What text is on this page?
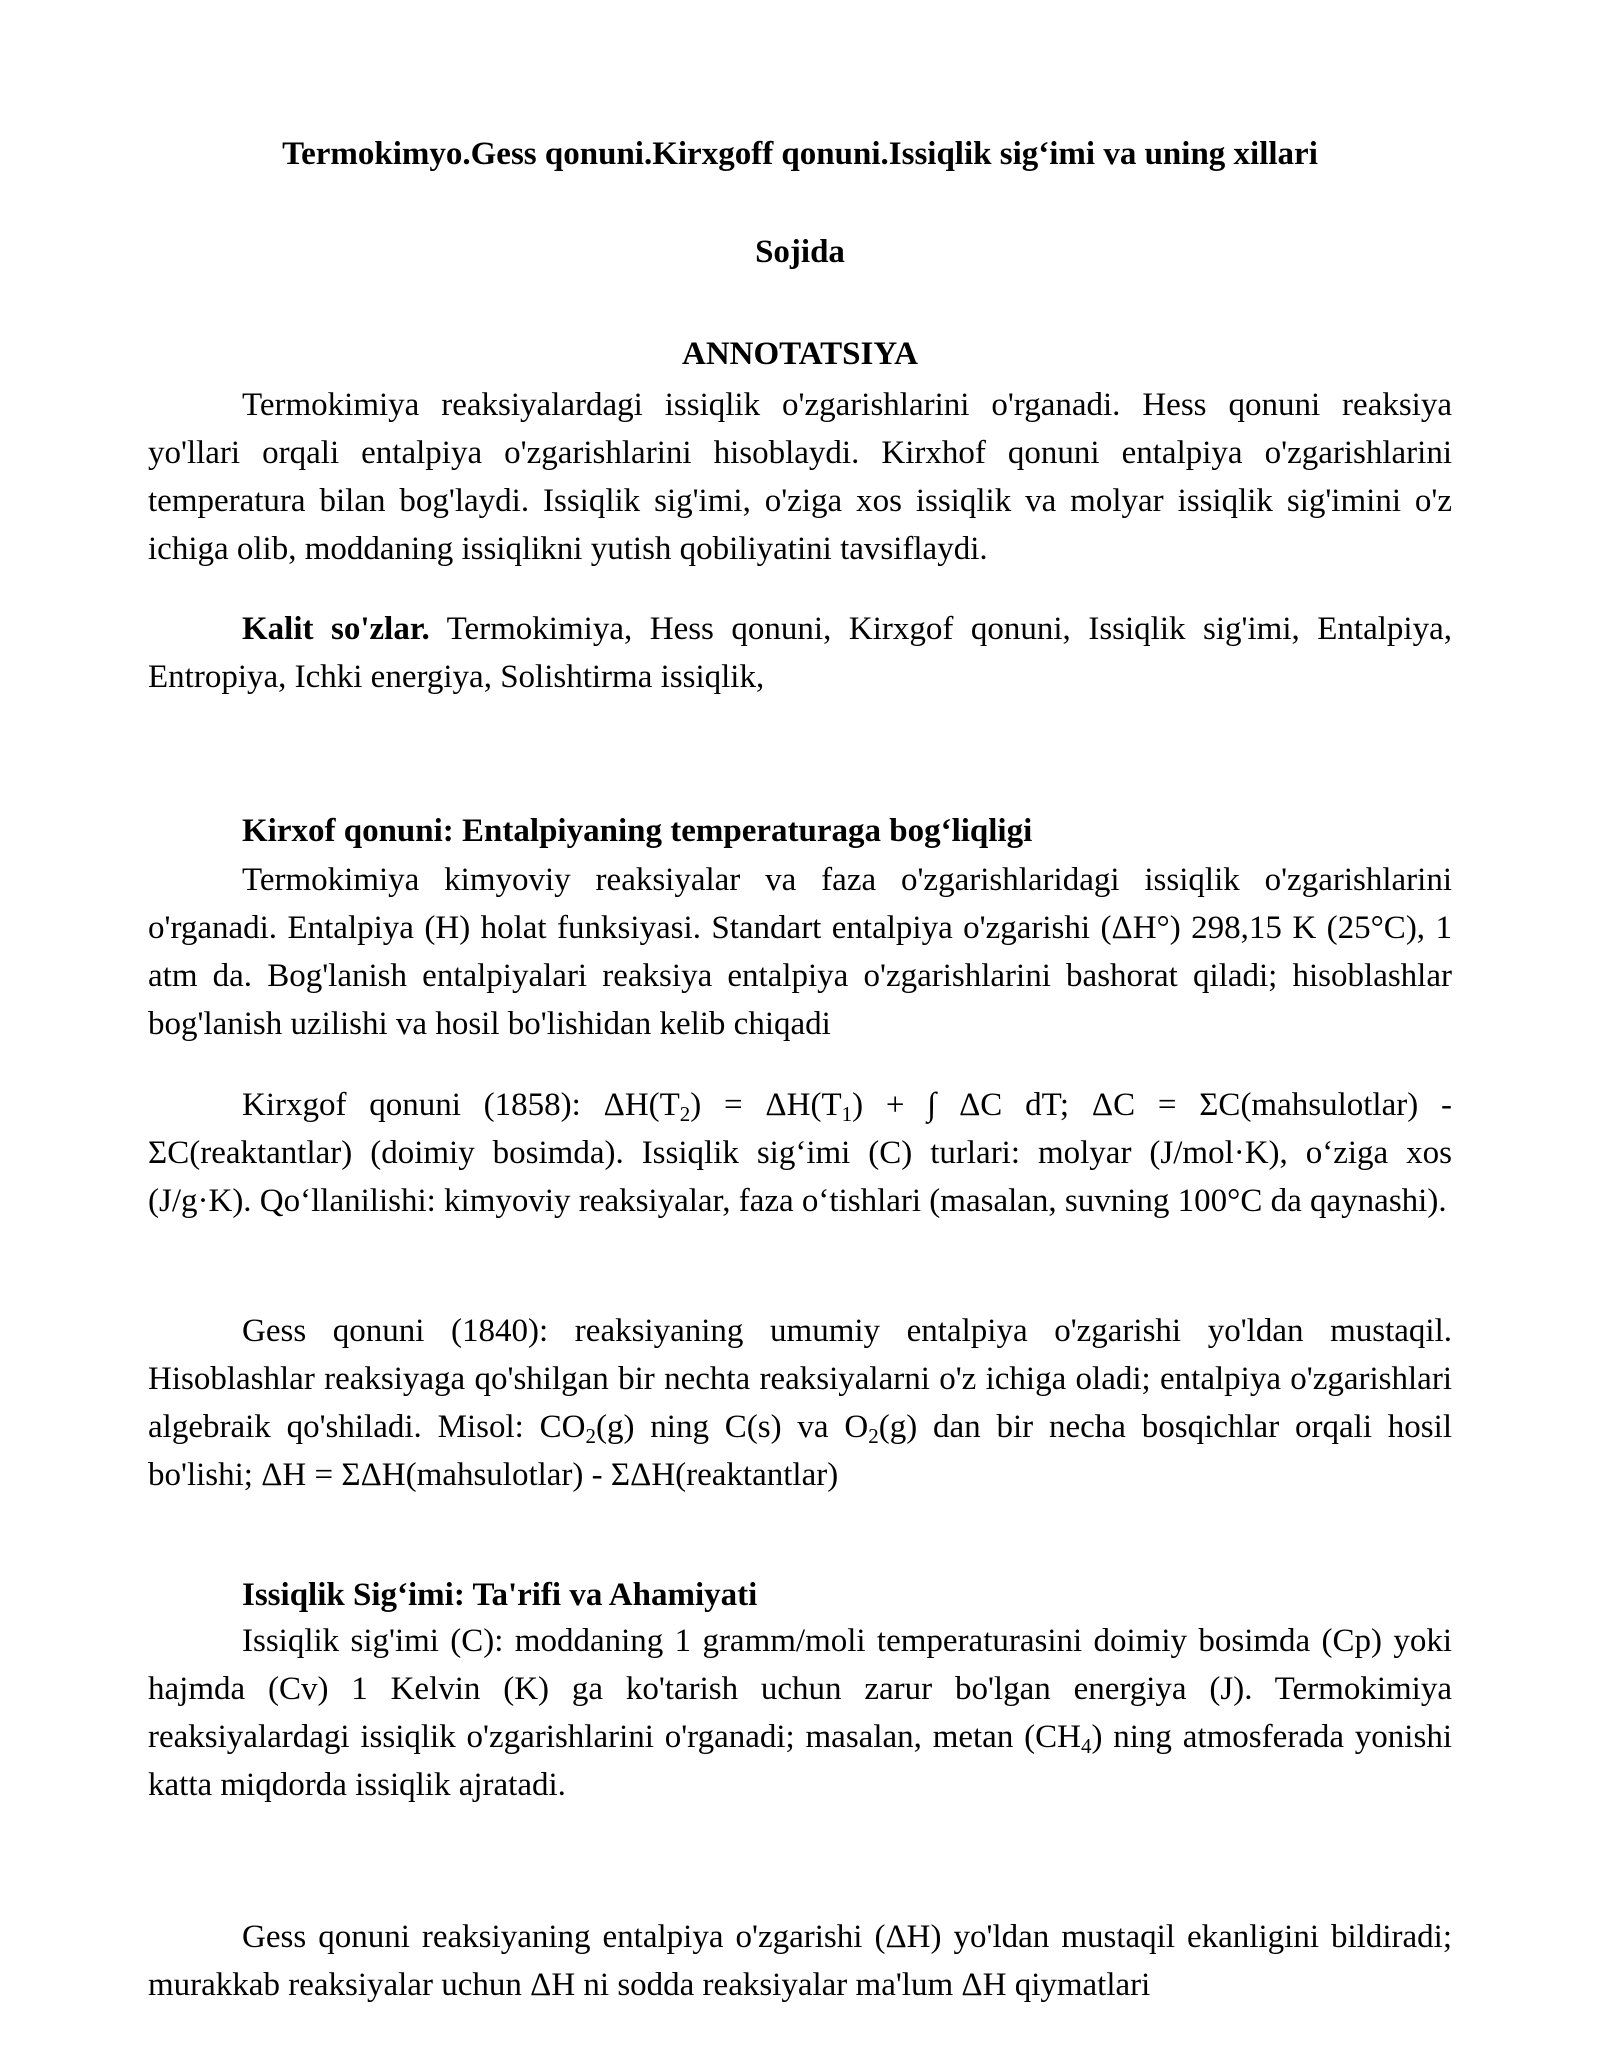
Termokimyo.Gess qonuni.Kirxgoff qonuni.Issiqlik sig‘imi va uning xillari
Sojida
ANNOTATSIYA
Termokimiya reaksiyalardagi issiqlik o'zgarishlarini o'rganadi. Hess qonuni reaksiya yo'llari orqali entalpiya o'zgarishlarini hisoblaydi. Kirxhof qonuni entalpiya o'zgarishlarini temperatura bilan bog'laydi. Issiqlik sig'imi, o'ziga xos issiqlik va molyar issiqlik sig'imini o'z ichiga olib, moddaning issiqlikni yutish qobiliyatini tavsiflaydi.
Kalit so'zlar. Termokimiya, Hess qonuni, Kirxgof qonuni, Issiqlik sig'imi, Entalpiya, Entropiya, Ichki energiya, Solishtirma issiqlik,
Kirxof qonuni: Entalpiyaning temperaturaga bog‘liqligi
Termokimiya kimyoviy reaksiyalar va faza o'zgarishlaridagi issiqlik o'zgarishlarini o'rganadi. Entalpiya (H) holat funksiyasi. Standart entalpiya o'zgarishi (ΔH°) 298,15 K (25°C), 1 atm da. Bog'lanish entalpiyalari reaksiya entalpiya o'zgarishlarini bashorat qiladi; hisoblashlar bog'lanish uzilishi va hosil bo'lishidan kelib chiqadi
Kirxgof qonuni (1858): $\Delta H(T_2) = \Delta H(T_1)$ + ∫ ΔC dT; ΔC = ΣC(mahsulotlar) - ΣC(reaktantlar) (doimiy bosimda). Issiqlik sig‘imi (C) turlari: molyar (J/mol·K), o‘ziga xos (J/g·K). Qo‘llanilishi: kimyoviy reaksiyalar, faza o‘tishlari (masalan, suvning 100°C da qaynashi).
Gess qonuni (1840): reaksiyaning umumiy entalpiya o'zgarishi yo'ldan mustaqil. Hisoblashlar reaksiyaga qo'shilgan bir nechta reaksiyalarni o'z ichiga oladi; entalpiya o'zgarishlari algebraik qo'shiladi. Misol: $CO_2(g)$ ning C(s) va $O_2(g)$ dan bir necha bosqichlar orqali hosil bo'lishi; ΔH = ΣΔH(mahsulotlar) - ΣΔH(reaktantlar)
Issiqlik Sig‘imi: Ta'rifi va Ahamiyati
Issiqlik sig'imi (C): moddaning 1 gramm/moli temperaturasini doimiy bosimda (Cp) yoki hajmda (Cv) 1 Kelvin (K) ga ko'tarish uchun zarur bo'lgan energiya (J). Termokimiya reaksiyalardagi issiqlik o'zgarishlarini o'rganadi; masalan, metan $(CH_4)$ ning atmosferada yonishi katta miqdorda issiqlik ajratadi.
Gess qonuni reaksiyaning entalpiya o'zgarishi (ΔH) yo'ldan mustaqil ekanligini bildiradi; murakkab reaksiyalar uchun ΔH ni sodda reaksiyalar ma'lum ΔH qiymatlari
